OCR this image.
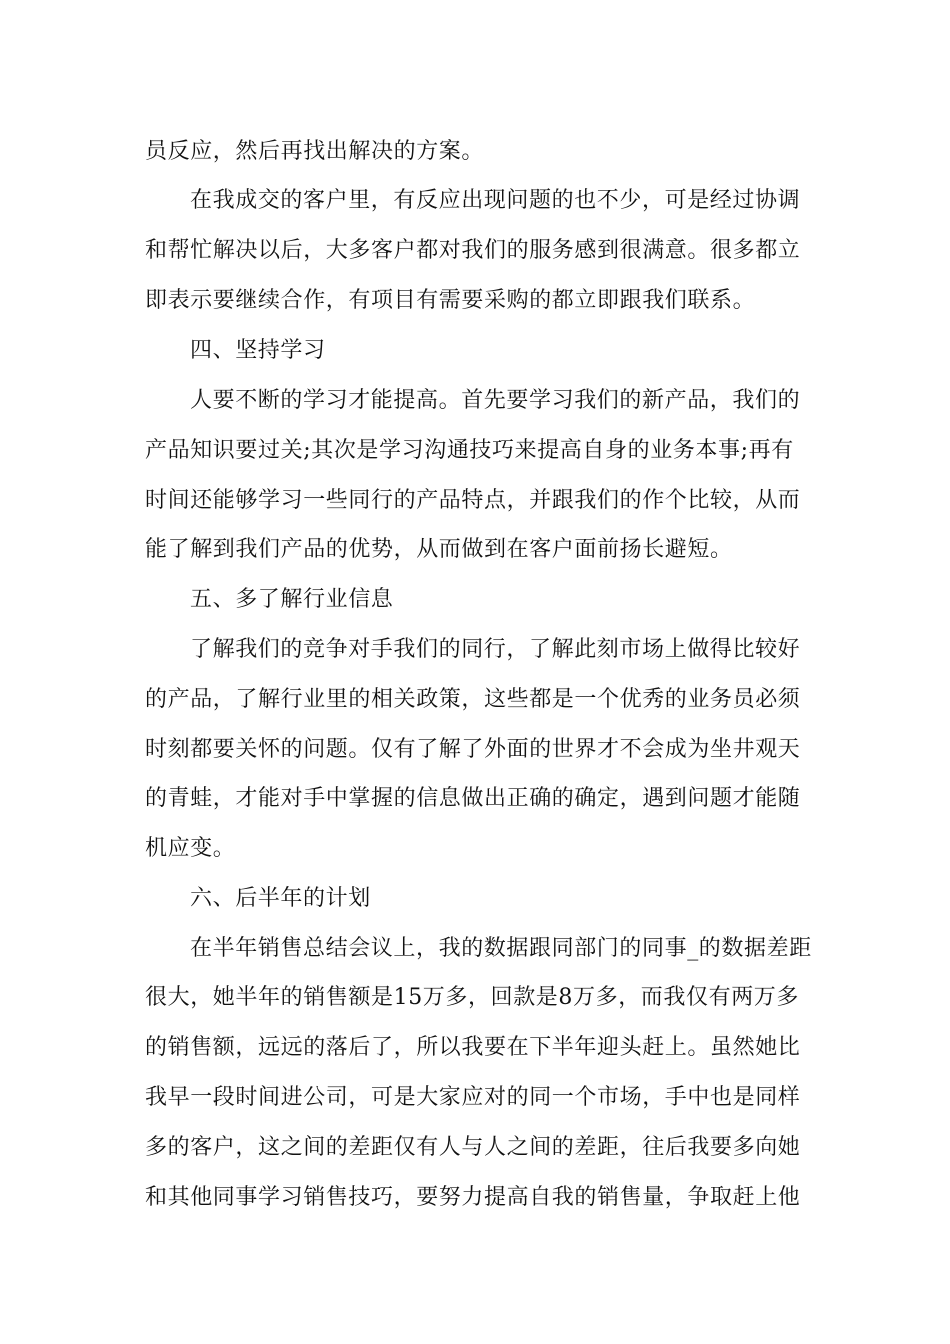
员反应，然后再找出解决的方案。

在我成交的客户里，有反应出现问题的也不少，可是经过协调

和帮忙解决以后，大多客户都对我们的服务感到很满意。很多都立

即表示要继续合作，有项目有需要采购的都立即跟我们联系。

四、坚持学习

人要不断的学习才能提高。首先要学习我们的新产品，我们的

产品知识要过关;其次是学习沟通技巧来提高自身的业务本事;再有

时间还能够学习一些同行的产品特点，并跟我们的作个比较，从而

能了解到我们产品的优势，从而做到在客户面前扬长避短。

五、多了解行业信息

了解我们的竞争对手我们的同行，了解此刻市场上做得比较好

的产品，了解行业里的相关政策，这些都是一个优秀的业务员必须

时刻都要关怀的问题。仅有了解了外面的世界才不会成为坐井观天

的青蛙，才能对手中掌握的信息做出正确的确定，遇到问题才能随

机应变。

六、后半年的计划

在半年销售总结会议上，我的数据跟同部门的同事_的数据差距

很大，她半年的销售额是15万多，回款是8万多，而我仅有两万多

的销售额，远远的落后了，所以我要在下半年迎头赶上。虽然她比

我早一段时间进公司，可是大家应对的同一个市场，手中也是同样

多的客户，这之间的差距仅有人与人之间的差距，往后我要多向她

和其他同事学习销售技巧，要努力提高自我的销售量，争取赶上他
